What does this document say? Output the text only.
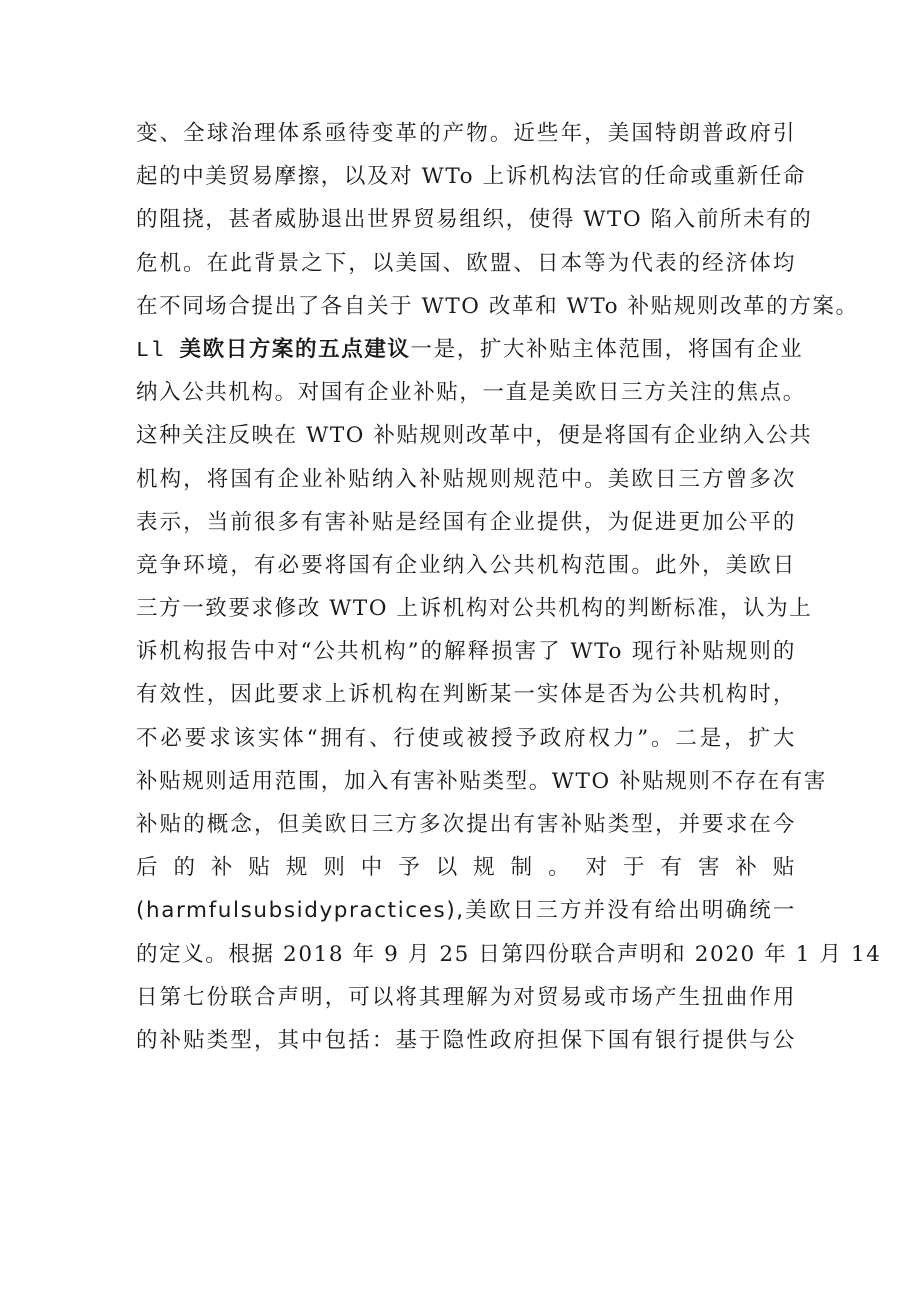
变、全球治理体系亟待变革的产物。近些年，美国特朗普政府引
起的中美贸易摩擦，以及对 WTo 上诉机构法官的任命或重新任命
的阻挠，甚者威胁退出世界贸易组织，使得 WTO 陷入前所未有的
危机。在此背景之下，以美国、欧盟、日本等为代表的经济体均
在不同场合提出了各自关于 WTO 改革和 WTo 补贴规则改革的方案。
Ll 美欧日方案的五点建议一是，扩大补贴主体范围，将国有企业
纳入公共机构。对国有企业补贴，一直是美欧日三方关注的焦点。
这种关注反映在 WTO 补贴规则改革中，便是将国有企业纳入公共
机构，将国有企业补贴纳入补贴规则规范中。美欧日三方曾多次
表示，当前很多有害补贴是经国有企业提供，为促进更加公平的
竞争环境，有必要将国有企业纳入公共机构范围。此外，美欧日
三方一致要求修改 WTO 上诉机构对公共机构的判断标准，认为上
诉机构报告中对“公共机构”的解释损害了 WTo 现行补贴规则的
有效性，因此要求上诉机构在判断某一实体是否为公共机构时，
不必要求该实体“拥有、行使或被授予政府权力”。二是，扩大
补贴规则适用范围，加入有害补贴类型。WTO 补贴规则不存在有害
补贴的概念，但美欧日三方多次提出有害补贴类型，并要求在今
后的补贴规则中予以规制。对于有害补贴
(harmfulsubsidypractices),美欧日三方并没有给出明确统一
的定义。根据 2018 年 9 月 25 日第四份联合声明和 2020 年 1 月 14
日第七份联合声明，可以将其理解为对贸易或市场产生扭曲作用
的补贴类型，其中包括：基于隐性政府担保下国有银行提供与公
